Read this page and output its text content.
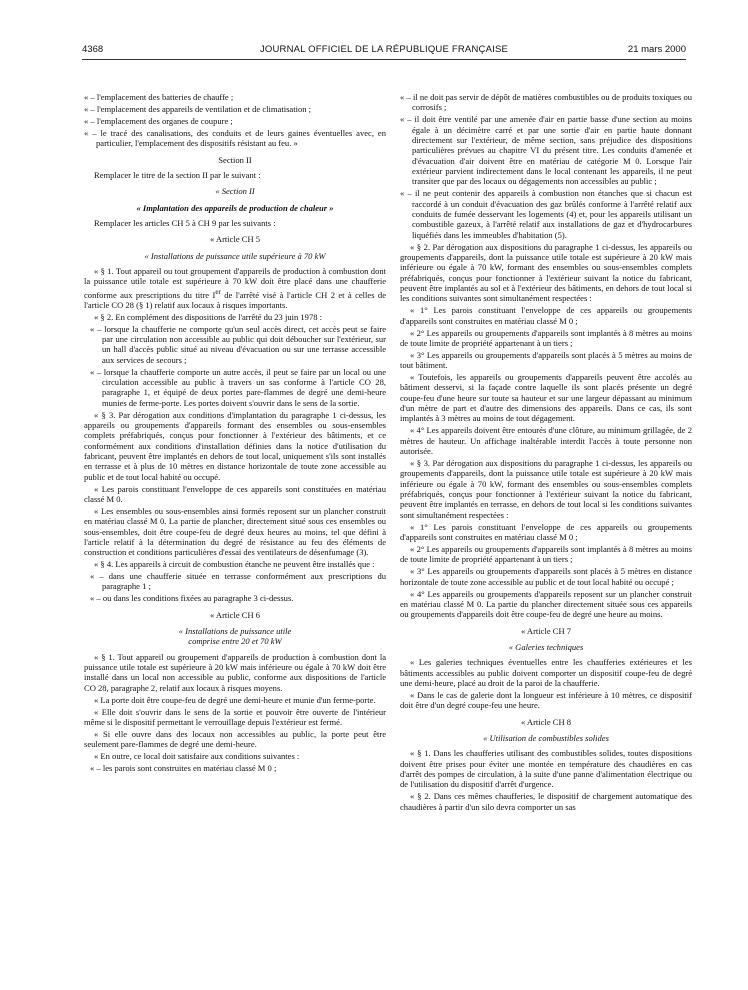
4368	JOURNAL OFFICIEL DE LA RÉPUBLIQUE FRANÇAISE	21 mars 2000

« – l'emplacement des batteries de chauffe ;

« – l'emplacement des appareils de ventilation et de climatisation ;

« – l'emplacement des organes de coupure ;

« – le tracé des canalisations, des conduits et de leurs gaines éventuelles avec, en particulier, l'emplacement des dispositifs résistant au feu. »

Section II

Remplacer le titre de la section II par le suivant :

« Section II

« Implantation des appareils de production de chaleur »

Remplacer les articles CH 5 à CH 9 par les suivants :

« Article CH 5

« Installations de puissance utile supérieure à 70 kW

« § 1. Tout appareil ou tout groupement d'appareils de production à combustion dont la puissance utile totale est supérieure à 70 kW doit être placé dans une chaufferie conforme aux prescriptions du titre Ier de l'arrêté visé à l'article CH 2 et à celles de l'article CO 28 (§ 1) relatif aux locaux à risques importants.

« § 2. En complément des dispositions de l'arrêté du 23 juin 1978 :

« – lorsque la chaufferie ne comporte qu'un seul accès direct, cet accès peut se faire par une circulation non accessible au public qui doit déboucher sur l'extérieur, sur un hall d'accès public situé au niveau d'évacuation ou sur une terrasse accessible aux services de secours ;

« – lorsque la chaufferie comporte un autre accès, il peut se faire par un local ou une circulation accessible au public à travers un sas conforme à l'article CO 28, paragraphe 1, et équipé de deux portes pare-flammes de degré une demi-heure munies de ferme-porte. Les portes doivent s'ouvrir dans le sens de la sortie.

« § 3. Par dérogation aux conditions d'implantation du paragraphe 1 ci-dessus, les appareils ou groupements d'appareils formant des ensembles ou sous-ensembles complets préfabriqués, conçus pour fonctionner à l'extérieur des bâtiments, et ce conformément aux conditions d'installation définies dans la notice d'utilisation du fabricant, peuvent être implantés en dehors de tout local, uniquement s'ils sont installés en terrasse et à plus de 10 mètres en distance horizontale de toute zone accessible au public et de tout local habité ou occupé.

« Les parois constituant l'enveloppe de ces appareils sont constituées en matériau classé M 0.

« Les ensembles ou sous-ensembles ainsi formés reposent sur un plancher construit en matériau classé M 0. La partie de plancher, directement situé sous ces ensembles ou sous-ensembles, doit être coupe-feu de degré deux heures au moins, tel que défini à l'article relatif à la détermination du degré de résistance au feu des éléments de construction et conditions particulières d'essai des ventilateurs de désenfumage (3).

« § 4. Les appareils à circuit de combustion étanche ne peuvent être installés que :

« – dans une chaufferie située en terrasse conformément aux prescriptions du paragraphe 1 ;

« – ou dans les conditions fixées au paragraphe 3 ci-dessus.

« Article CH 6

« Installations de puissance utile
comprise entre 20 et 70 kW

« § 1. Tout appareil ou groupement d'appareils de production à combustion dont la puissance utile totale est supérieure à 20 kW mais inférieure ou égale à 70 kW doit être installé dans un local non accessible au public, conforme aux dispositions de l'article CO 28, paragraphe 2, relatif aux locaux à risques moyens.

« La porte doit être coupe-feu de degré une demi-heure et munie d'un ferme-porte.

« Elle doit s'ouvrir dans le sens de la sortie et pouvoir être ouverte de l'intérieur même si le dispositif permettant le verrouillage depuis l'extérieur est fermé.

« Si elle ouvre dans des locaux non accessibles au public, la porte peut être seulement pare-flammes de degré une demi-heure.

« En outre, ce local doit satisfaire aux conditions suivantes :

« – les parois sont construites en matériau classé M 0 ;

« – il ne doit pas servir de dépôt de matières combustibles ou de produits toxiques ou corrosifs ;

« – il doit être ventilé par une amenée d'air en partie basse d'une section au moins égale à un décimètre carré et par une sortie d'air en partie haute donnant directement sur l'extérieur, de même section, sans préjudice des dispositions particulières prévues au chapitre VI du présent titre. Les conduits d'amenée et d'évacuation d'air doivent être en matériau de catégorie M 0. Lorsque l'air extérieur parvient indirectement dans le local contenant les appareils, il ne peut transiter que par des locaux ou dégagements non accessibles au public ;

« – il ne peut contenir des appareils à combustion non étanches que si chacun est raccordé à un conduit d'évacuation des gaz brûlés conforme à l'arrêté relatif aux conduits de fumée desservant les logements (4) et, pour les appareils utilisant un combustible gazeux, à l'arrêté relatif aux installations de gaz et d'hydrocarbures liquéfiés dans les immeubles d'habitation (5).

« § 2. Par dérogation aux dispositions du paragraphe 1 ci-dessus, les appareils ou groupements d'appareils, dont la puissance utile totale est supérieure à 20 kW mais inférieure ou égale à 70 kW, formant des ensembles ou sous-ensembles complets préfabriqués, conçus pour fonctionner à l'extérieur suivant la notice du fabricant, peuvent être implantés au sol et à l'extérieur des bâtiments, en dehors de tout local si les conditions suivantes sont simultanément respectées :

« 1° Les parois constituant l'enveloppe de ces appareils ou groupements d'appareils sont construites en matériau classé M 0 ;

« 2° Les appareils ou groupements d'appareils sont implantés à 8 mètres au moins de toute limite de propriété appartenant à un tiers ;

« 3° Les appareils ou groupements d'appareils sont placés à 5 mètres au moins de tout bâtiment.

« Toutefois, les appareils ou groupements d'appareils peuvent être accolés au bâtiment desservi, si la façade contre laquelle ils sont placés présente un degré coupe-feu d'une heure sur toute sa hauteur et sur une largeur dépassant au minimum d'un mètre de part et d'autre des dimensions des appareils. Dans ce cas, ils sont implantés à 3 mètres au moins de tout dégagement.

« 4° Les appareils doivent être entourés d'une clôture, au minimum grillagée, de 2 mètres de hauteur. Un affichage inaltérable interdit l'accès à toute personne non autorisée.

« § 3. Par dérogation aux dispositions du paragraphe 1 ci-dessus, les appareils ou groupements d'appareils, dont la puissance utile totale est supérieure à 20 kW mais inférieure ou égale à 70 kW, formant des ensembles ou sous-ensembles complets préfabriqués, conçus pour fonctionner à l'extérieur suivant la notice du fabricant, peuvent être implantés en terrasse, en dehors de tout local si les conditions suivantes sont simultanément respectées :

« 1° Les parois constituant l'enveloppe de ces appareils ou groupements d'appareils sont construites en matériau classé M 0 ;

« 2° Les appareils ou groupements d'appareils sont implantés à 8 mètres au moins de toute limite de propriété appartenant à un tiers ;

« 3° Les appareils ou groupements d'appareils sont placés à 5 mètres en distance horizontale de toute zone accessible au public et de tout local habité ou occupé ;

« 4° Les appareils ou groupements d'appareils reposent sur un plancher construit en matériau classé M 0. La partie du plancher directement située sous ces appareils ou groupements d'appareils doit être coupe-feu de degré une heure au moins.

« Article CH 7

« Galeries techniques

« Les galeries techniques éventuelles entre les chaufferies extérieures et les bâtiments accessibles au public doivent comporter un dispositif coupe-feu de degré une demi-heure, placé au droit de la paroi de la chaufferie.

« Dans le cas de galerie dont la longueur est inférieure à 10 mètres, ce dispositif doit être d'un degré coupe-feu une heure.

« Article CH 8

« Utilisation de combustibles solides

« § 1. Dans les chaufferies utilisant des combustibles solides, toutes dispositions doivent être prises pour éviter une montée en température des chaudières en cas d'arrêt des pompes de circulation, à la suite d'une panne d'alimentation électrique ou de l'utilisation du dispositif d'arrêt d'urgence.

« § 2. Dans ces mêmes chaufferies, le dispositif de chargement automatique des chaudières à partir d'un silo devra comporter un sas
